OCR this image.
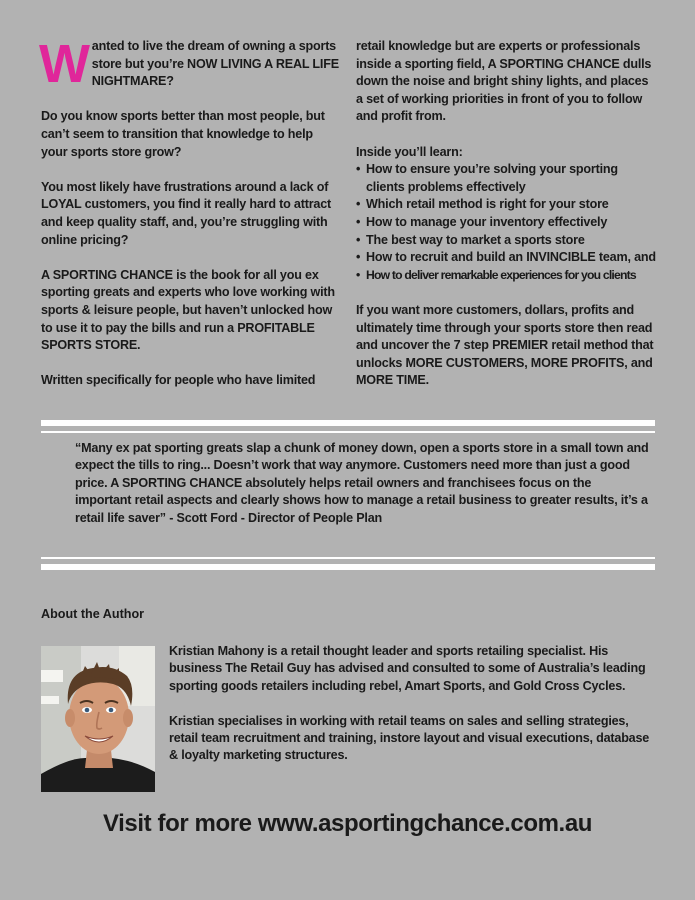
Wanted to live the dream of owning a sports store but you’re NOW LIVING A REAL LIFE NIGHTMARE?

Do you know sports better than most people, but can’t seem to transition that knowledge to help your sports store grow?

You most likely have frustrations around a lack of LOYAL customers, you find it really hard to attract and keep quality staff, and, you’re struggling with online pricing?

A SPORTING CHANCE is the book for all you ex sporting greats and experts who love working with sports & leisure people, but haven’t unlocked how to use it to pay the bills and run a PROFITABLE SPORTS STORE.

Written specifically for people who have limited

retail knowledge but are experts or professionals inside a sporting field, A SPORTING CHANCE dulls down the noise and bright shiny lights, and places a set of working priorities in front of you to follow and profit from.

Inside you’ll learn:
• How to ensure you’re solving your sporting clients problems effectively
• Which retail method is right for your store
• How to manage your inventory effectively
• The best way to market a sports store
• How to recruit and build an INVINCIBLE team, and
• How to deliver remarkable experiences for you clients

If you want more customers, dollars, profits and ultimately time through your sports store then read and uncover the 7 step PREMIER retail method that unlocks MORE CUSTOMERS, MORE PROFITS, and MORE TIME.

“Many ex pat sporting greats slap a chunk of money down, open a sports store in a small town and expect the tills to ring... Doesn’t work that way anymore. Customers need more than just a good price. A SPORTING CHANCE absolutely helps retail owners and franchisees focus on the important retail aspects and clearly shows how to manage a retail business to greater results, it’s a retail life saver” - Scott Ford - Director of People Plan
About the Author

Kristian Mahony is a retail thought leader and sports retailing specialist. His business The Retail Guy has advised and consulted to some of Australia’s leading sporting goods retailers including rebel, Amart Sports, and Gold Cross Cycles.

Kristian specialises in working with retail teams on sales and selling strategies, retail team recruitment and training, instore layout and visual executions, database & loyalty marketing structures.

Visit for more www.asportingchance.com.au
